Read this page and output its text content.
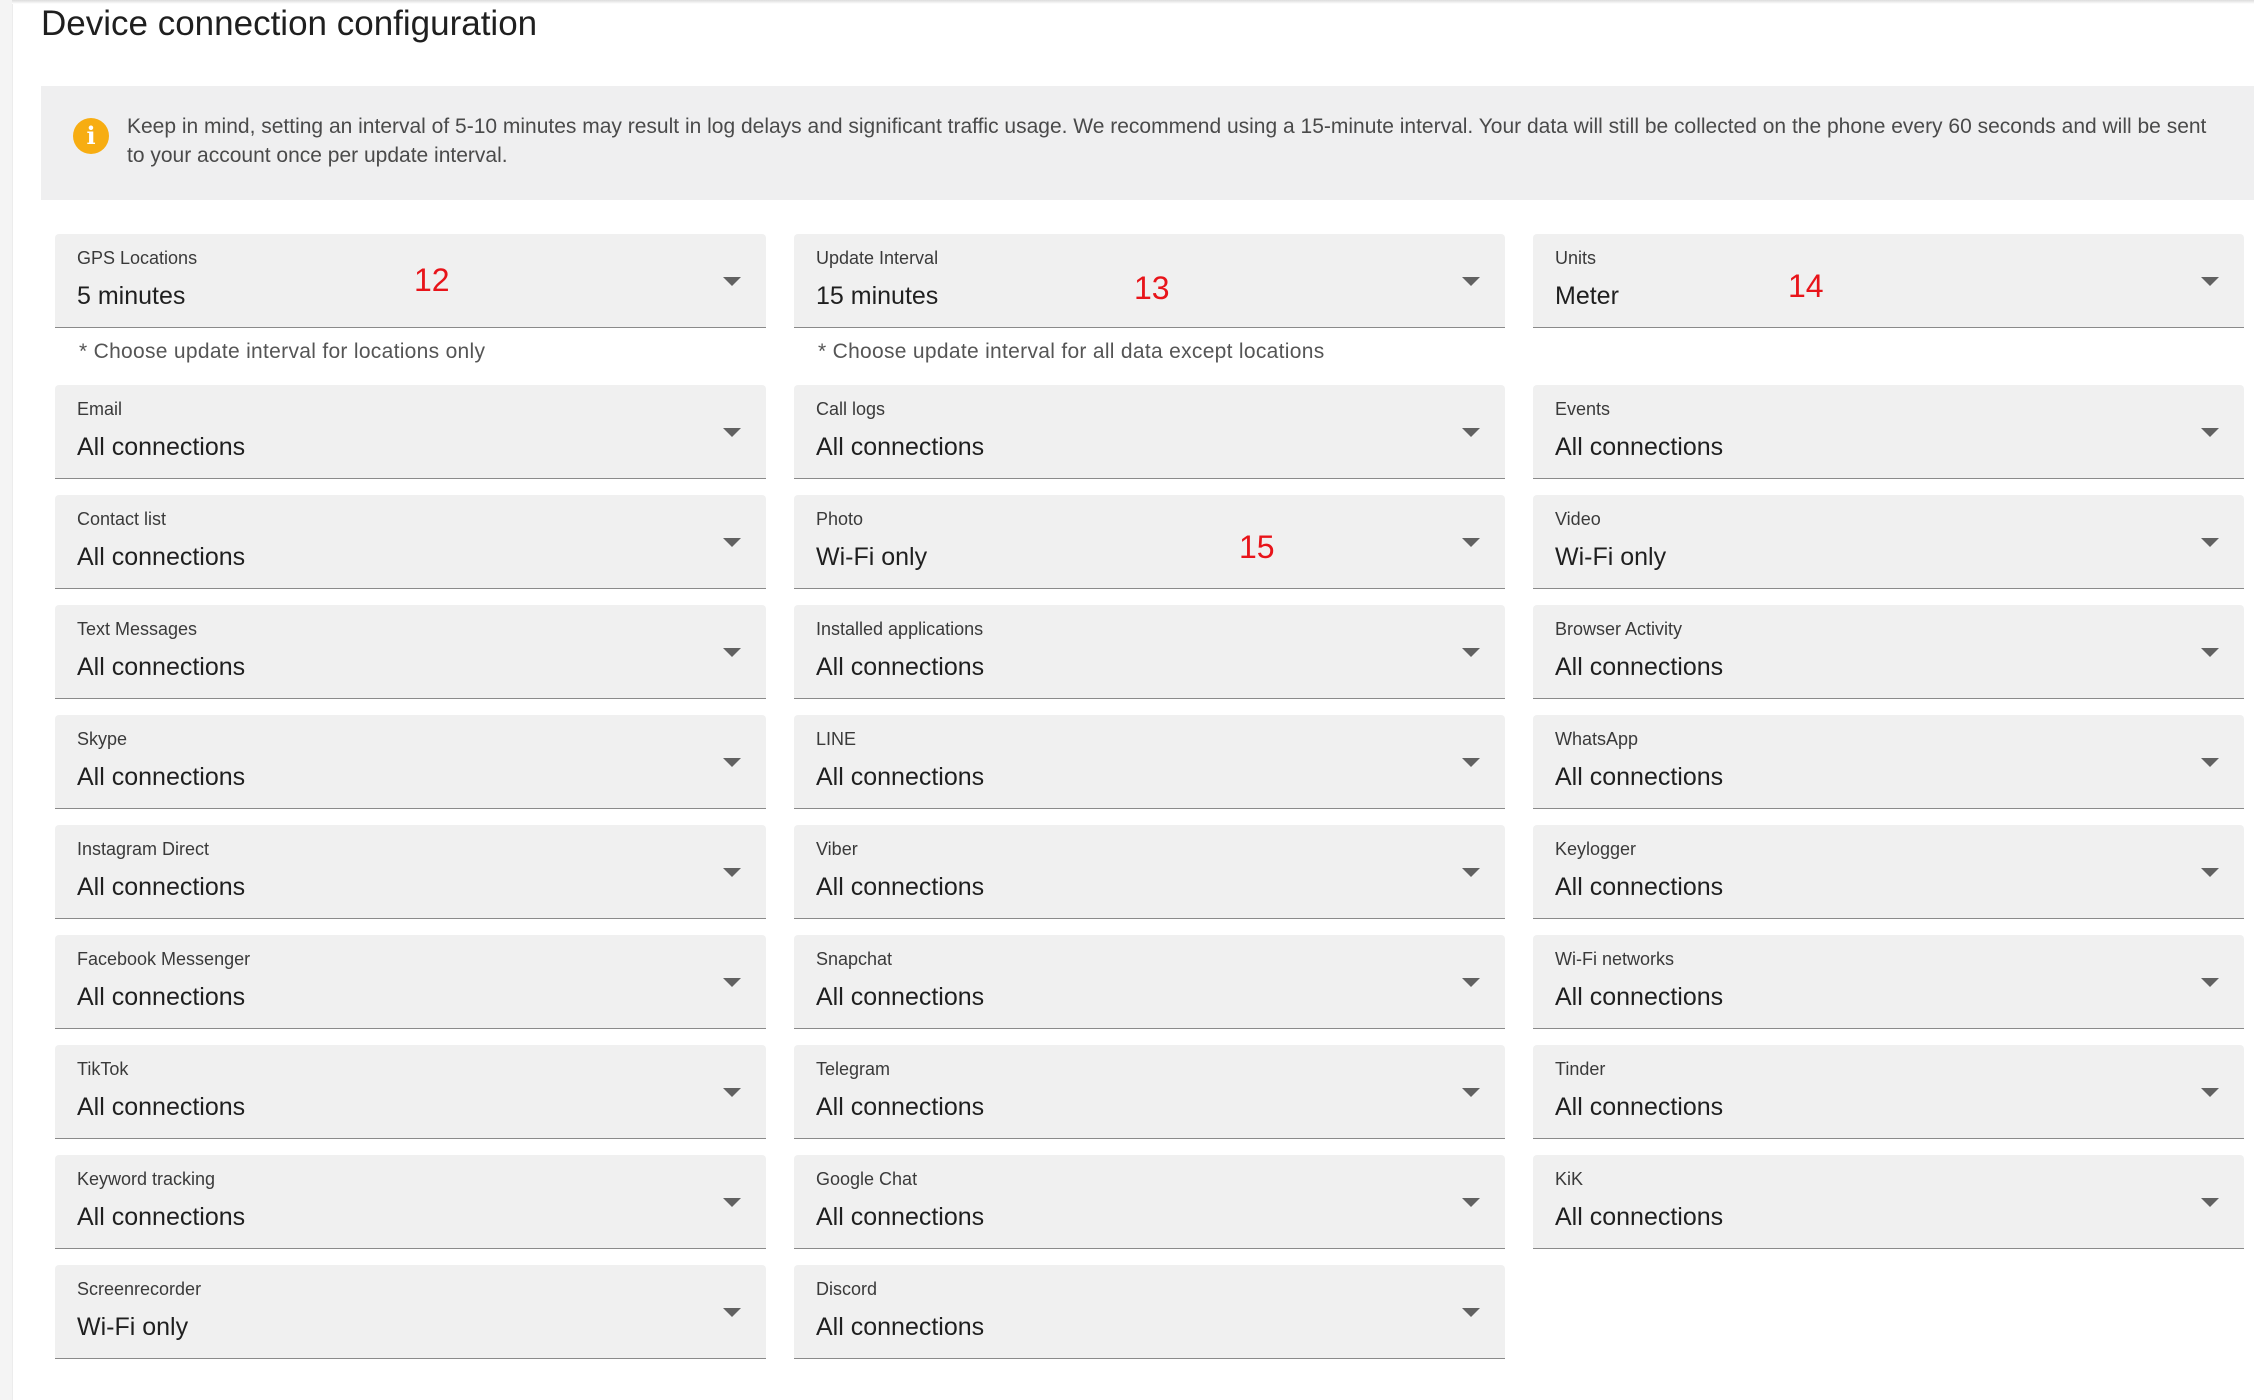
Device connection configuration
i	Keep in mind, setting an interval of 5-10 minutes may result in log delays and significant traffic usage. We recommend using a 15-minute interval. Your data will still be collected on the phone every 60 seconds and will be sent to your account once per update interval.

GPS Locations
5 minutes	12
* Choose update interval for locations only
Update Interval
15 minutes	13
* Choose update interval for all data except locations
Units
Meter	14
Email
All connections
Call logs
All connections
Events
All connections
Contact list
All connections
Photo
Wi-Fi only	15
Video
Wi-Fi only
Text Messages
All connections
Installed applications
All connections
Browser Activity
All connections
Skype
All connections
LINE
All connections
WhatsApp
All connections
Instagram Direct
All connections
Viber
All connections
Keylogger
All connections
Facebook Messenger
All connections
Snapchat
All connections
Wi-Fi networks
All connections
TikTok
All connections
Telegram
All connections
Tinder
All connections
Keyword tracking
All connections
Google Chat
All connections
KiK
All connections
Screenrecorder
Wi-Fi only
Discord
All connections
